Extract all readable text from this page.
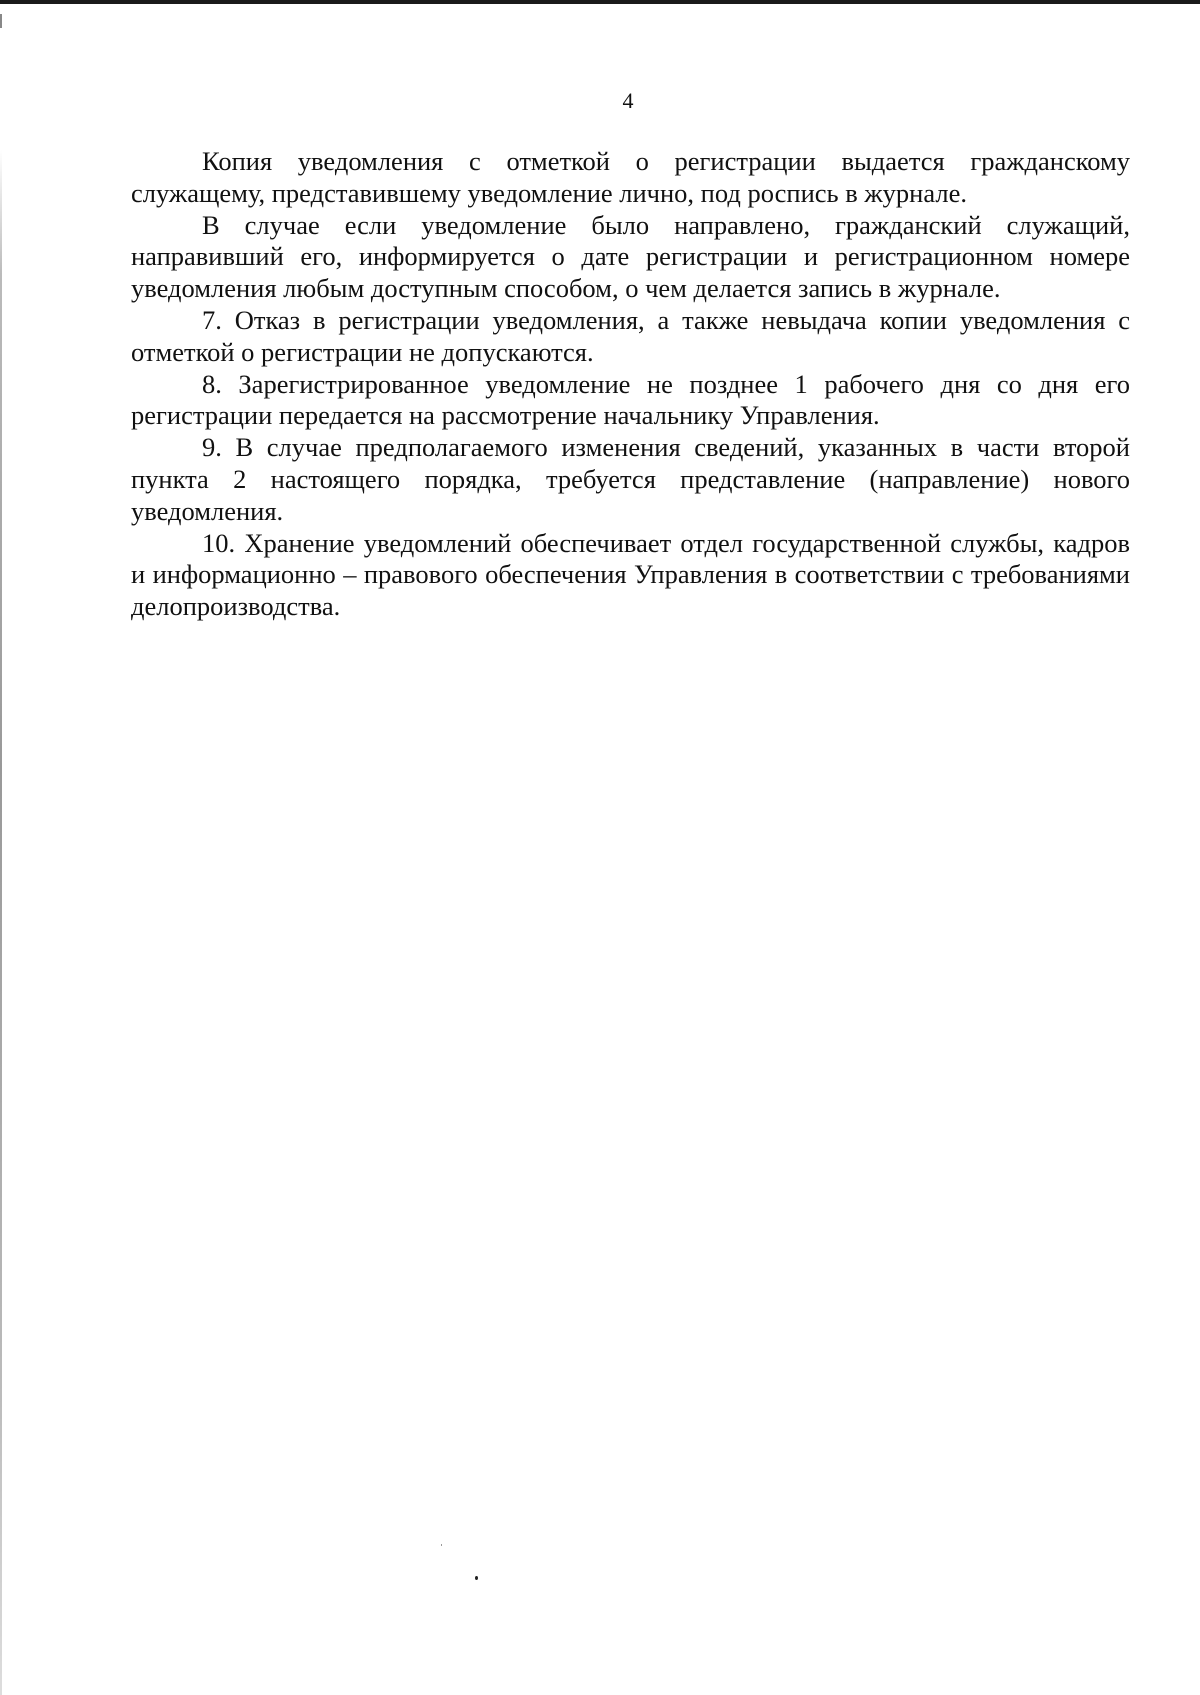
4

Копия уведомления с отметкой о регистрации выдается гражданскому служащему, представившему уведомление лично, под роспись в журнале.

В случае если уведомление было направлено, гражданский служащий, направивший его, информируется о дате регистрации и регистрационном номере уведомления любым доступным способом, о чем делается запись в журнале.

7. Отказ в регистрации уведомления, а также невыдача копии уведомления с отметкой о регистрации не допускаются.

8. Зарегистрированное уведомление не позднее 1 рабочего дня со дня его регистрации передается на рассмотрение начальнику Управления.

9. В случае предполагаемого изменения сведений, указанных в части второй пункта 2 настоящего порядка, требуется представление (направление) нового уведомления.

10. Хранение уведомлений обеспечивает отдел государственной службы, кадров и информационно – правового обеспечения Управления в соответствии с требованиями делопроизводства.
